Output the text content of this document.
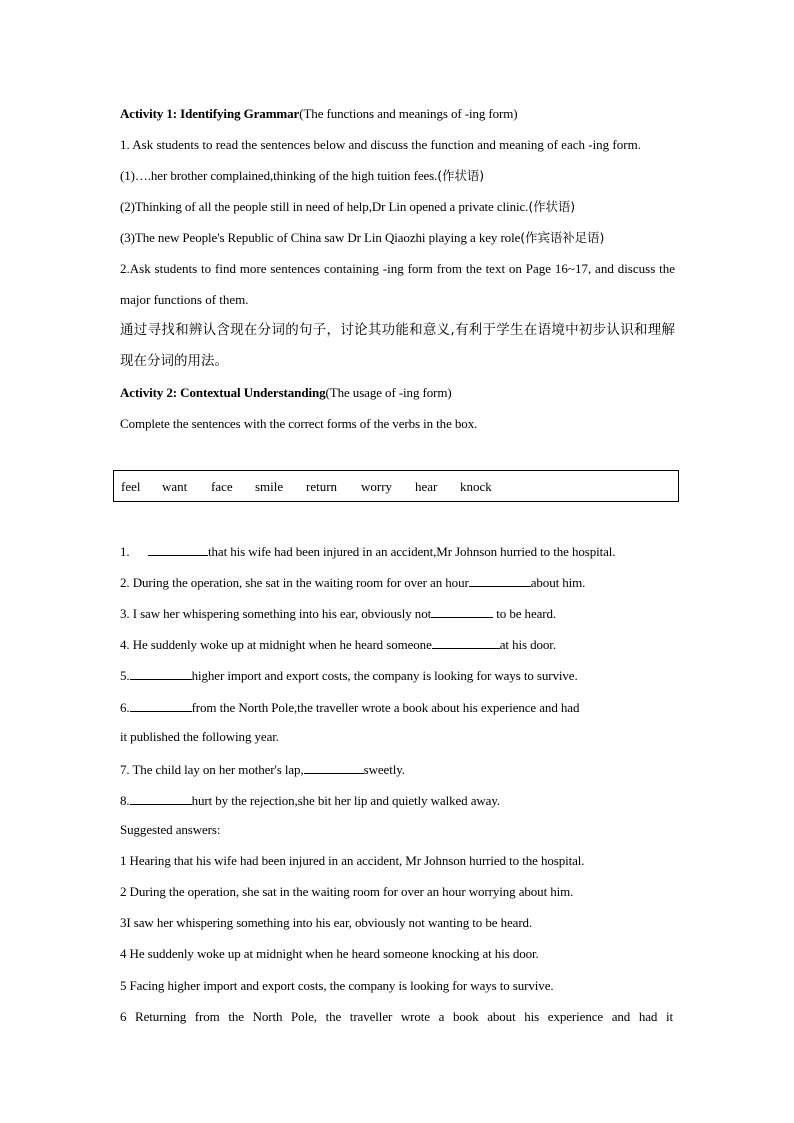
Activity 1: Identifying Grammar(The functions and meanings of -ing form)
1. Ask students to read the sentences below and discuss the function and meaning of each -ing form.
(1)….her brother complained,thinking of the high tuition fees.(作状语)
(2)Thinking of all the people still in need of help,Dr Lin opened a private clinic.(作状语)
(3)The new People's Republic of China saw Dr Lin Qiaozhi playing a key role(作宾语补足语)
2.Ask students to find more sentences containing -ing form from the text on Page 16~17, and discuss the major functions of them.
通过寻找和辨认含现在分词的句子，讨论其功能和意义,有利于学生在语境中初步认识和理解现在分词的用法。
Activity 2: Contextual Understanding(The usage of -ing form)
Complete the sentences with the correct forms of the verbs in the box.
feel want face smile return worry hear knock
1.	that his wife had been injured in an accident,Mr Johnson hurried to the hospital.
2. During the operation, she sat in the waiting room for over an hour	about him.
3. I saw her whispering something into his ear, obviously not	to be heard.
4. He suddenly woke up at midnight when he heard someone	at his door.
5.	higher import and export costs, the company is looking for ways to survive.
6.	from the North Pole,the traveller wrote a book about his experience and had
it published the following year.
7. The child lay on her mother's lap,	sweetly.
8.	hurt by the rejection,she bit her lip and quietly walked away.
Suggested answers:
1 Hearing that his wife had been injured in an accident, Mr Johnson hurried to the hospital.
2 During the operation, she sat in the waiting room for over an hour worrying about him.
3I saw her whispering something into his ear, obviously not wanting to be heard.
4 He suddenly woke up at midnight when he heard someone knocking at his door.
5 Facing higher import and export costs, the company is looking for ways to survive.
6 Returning from the North Pole, the traveller wrote a book about his experience and had it
